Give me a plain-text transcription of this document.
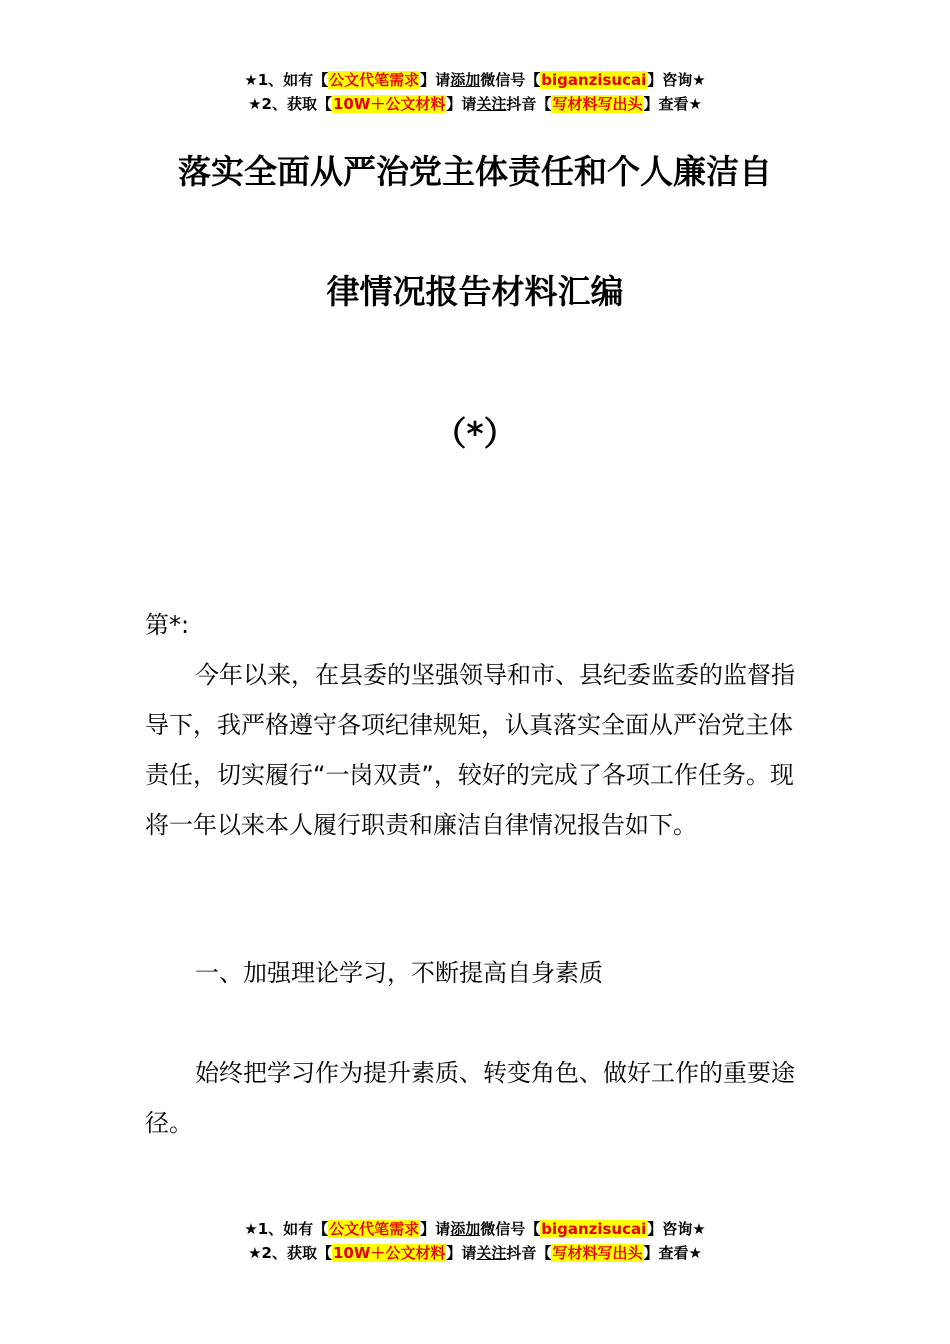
★1、如有【公文代笔需求】请添加微信号【biganzisucai】咨询★
★2、获取【10W＋公文材料】请关注抖音【写材料写出头】查看★
落实全面从严治党主体责任和个人廉洁自
律情况报告材料汇编
（*）

第*:

今年以来，在县委的坚强领导和市、县纪委监委的监督指导下，我严格遵守各项纪律规矩，认真落实全面从严治党主体责任，切实履行“一岗双责”，较好的完成了各项工作任务。现将一年以来本人履行职责和廉洁自律情况报告如下。

一、加强理论学习，不断提高自身素质

始终把学习作为提升素质、转变角色、做好工作的重要途径。

★1、如有【公文代笔需求】请添加微信号【biganzisucai】咨询★
★2、获取【10W＋公文材料】请关注抖音【写材料写出头】查看★
